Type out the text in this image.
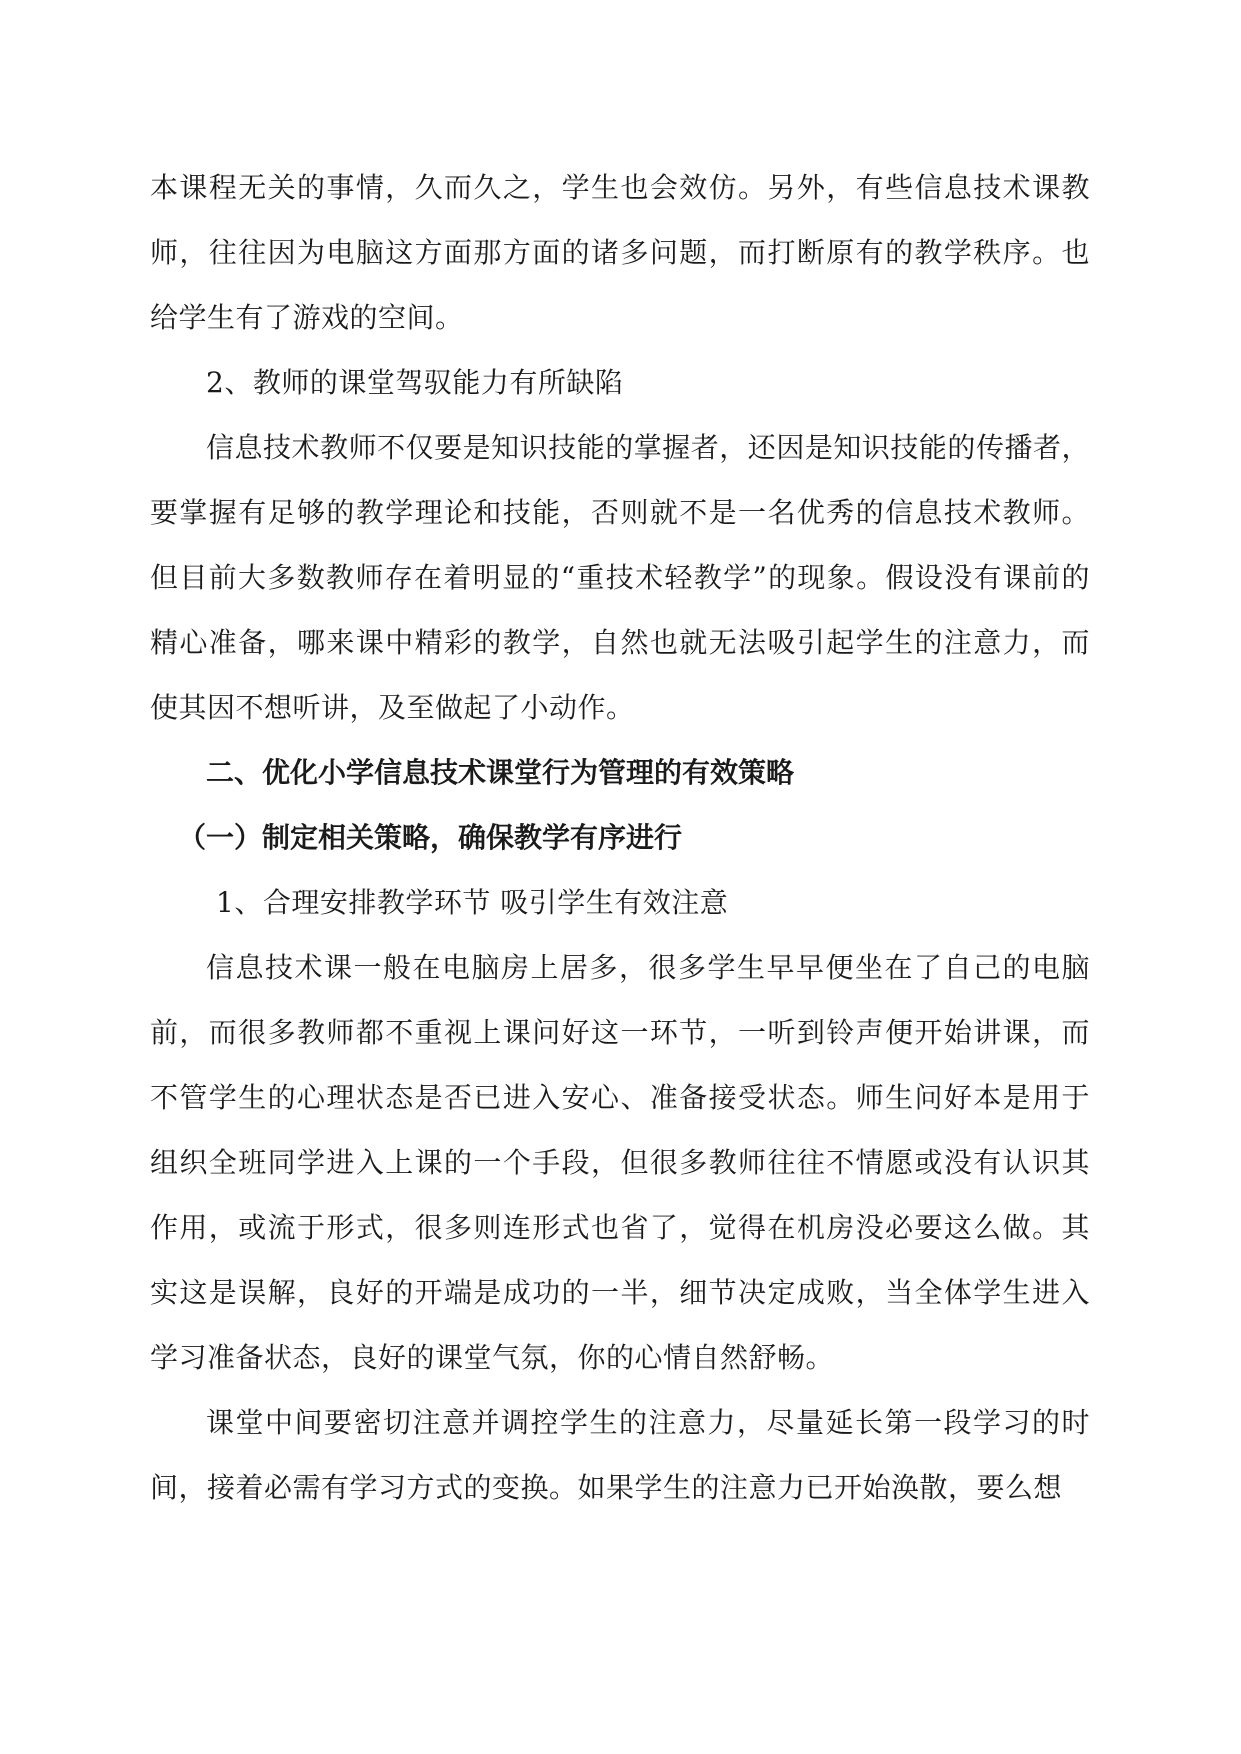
本课程无关的事情，久而久之，学生也会效仿。另外，有些信息技术课教师，往往因为电脑这方面那方面的诸多问题，而打断原有的教学秩序。也给学生有了游戏的空间。

2、教师的课堂驾驭能力有所缺陷

信息技术教师不仅要是知识技能的掌握者，还因是知识技能的传播者，要掌握有足够的教学理论和技能，否则就不是一名优秀的信息技术教师。但目前大多数教师存在着明显的“重技术轻教学”的现象。假设没有课前的精心准备，哪来课中精彩的教学，自然也就无法吸引起学生的注意力，而使其因不想听讲，及至做起了小动作。

二、优化小学信息技术课堂行为管理的有效策略

（一）制定相关策略，确保教学有序进行

1、合理安排教学环节 吸引学生有效注意

信息技术课一般在电脑房上居多，很多学生早早便坐在了自己的电脑前，而很多教师都不重视上课问好这一环节，一听到铃声便开始讲课，而不管学生的心理状态是否已进入安心、准备接受状态。师生问好本是用于组织全班同学进入上课的一个手段，但很多教师往往不情愿或没有认识其作用，或流于形式，很多则连形式也省了，觉得在机房没必要这么做。其实这是误解，良好的开端是成功的一半，细节决定成败，当全体学生进入学习准备状态，良好的课堂气氛，你的心情自然舒畅。

课堂中间要密切注意并调控学生的注意力，尽量延长第一段学习的时间，接着必需有学习方式的变换。如果学生的注意力已开始涣散，要么想
